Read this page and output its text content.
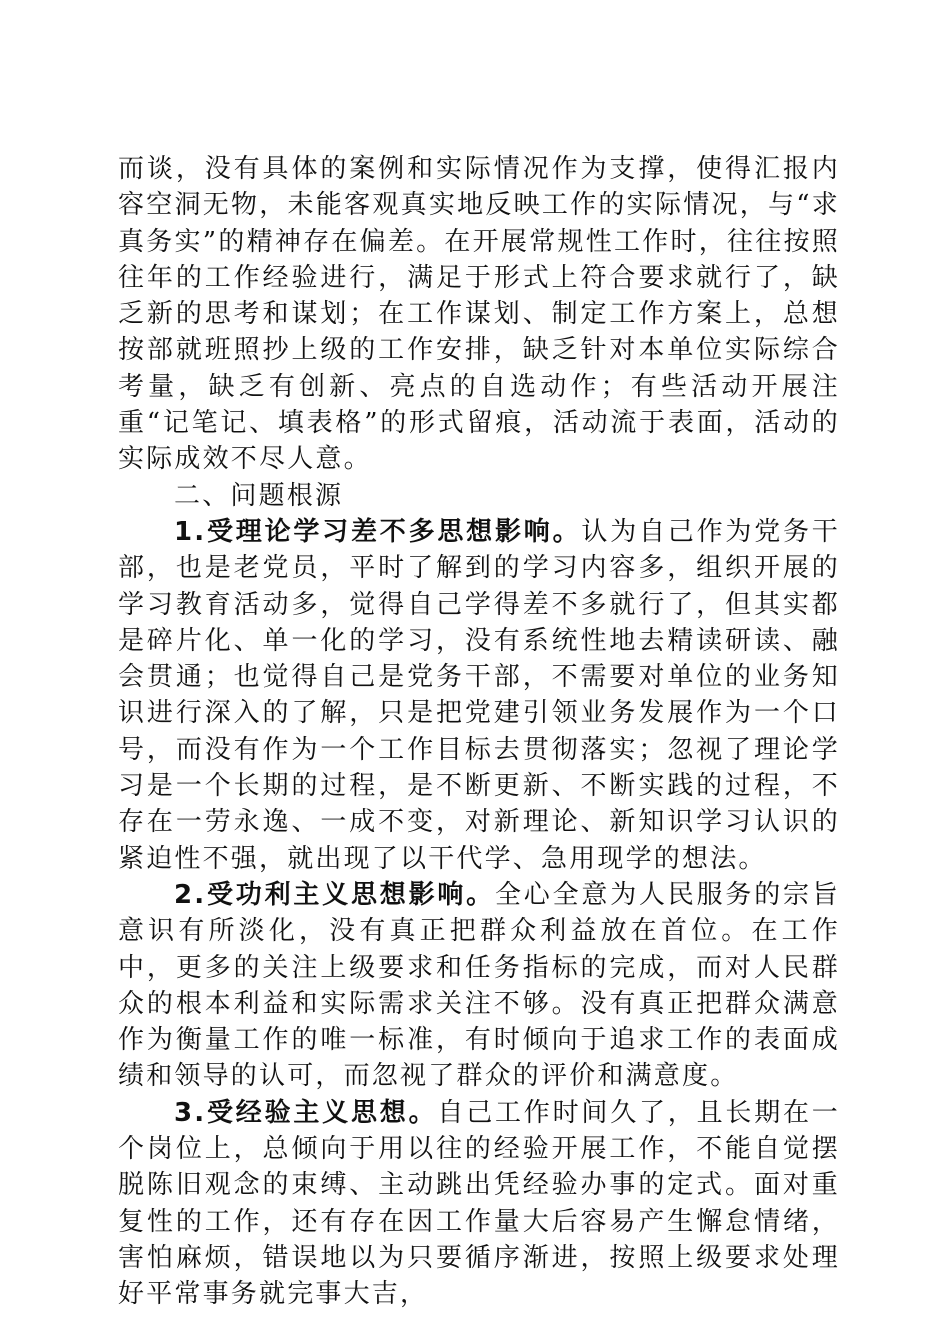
而谈，没有具体的案例和实际情况作为支撑，使得汇报内容空洞无物，未能客观真实地反映工作的实际情况，与“求真务实”的精神存在偏差。在开展常规性工作时，往往按照往年的工作经验进行，满足于形式上符合要求就行了，缺乏新的思考和谋划；在工作谋划、制定工作方案上，总想按部就班照抄上级的工作安排，缺乏针对本单位实际综合考量，缺乏有创新、亮点的自选动作；有些活动开展注重“记笔记、填表格”的形式留痕，活动流于表面，活动的实际成效不尽人意。

二、问题根源

1.受理论学习差不多思想影响。认为自己作为党务干部，也是老党员，平时了解到的学习内容多，组织开展的学习教育活动多，觉得自己学得差不多就行了，但其实都是碎片化、单一化的学习，没有系统性地去精读研读、融会贯通；也觉得自己是党务干部，不需要对单位的业务知识进行深入的了解，只是把党建引领业务发展作为一个口号，而没有作为一个工作目标去贯彻落实；忽视了理论学习是一个长期的过程，是不断更新、不断实践的过程，不存在一劳永逸、一成不变，对新理论、新知识学习认识的紧迫性不强，就出现了以干代学、急用现学的想法。

2.受功利主义思想影响。全心全意为人民服务的宗旨意识有所淡化，没有真正把群众利益放在首位。在工作中，更多的关注上级要求和任务指标的完成，而对人民群众的根本利益和实际需求关注不够。没有真正把群众满意作为衡量工作的唯一标准，有时倾向于追求工作的表面成绩和领导的认可，而忽视了群众的评价和满意度。

3.受经验主义思想。自己工作时间久了，且长期在一个岗位上，总倾向于用以往的经验开展工作，不能自觉摆脱陈旧观念的束缚、主动跳出凭经验办事的定式。面对重复性的工作，还有存在因工作量大后容易产生懈怠情绪，害怕麻烦，错误地以为只要循序渐进，按照上级要求处理好平常事务就完事大吉，
